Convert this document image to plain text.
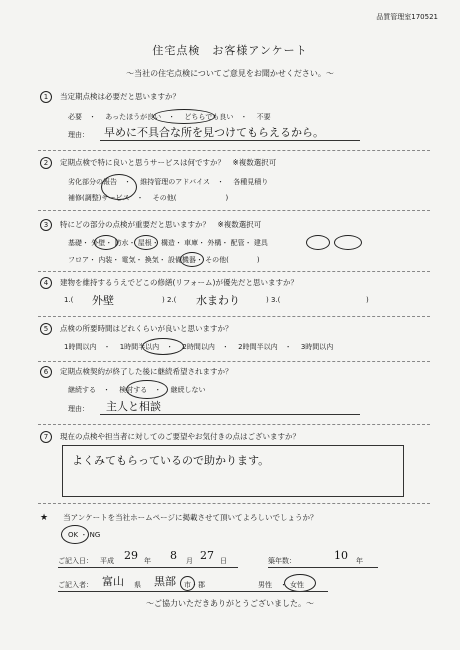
品質管理室170521
住宅点検　お客様アンケート
～当社の住宅点検についてご意見をお聞かせください。～
1 当定期点検は必要だと思いますか？
必要　・　 あったほうが良い　・　 どちらでも良い　・　 不要
理由： 早めに不具合な所を見つけてもらえるから。
2 定期点検で特に良いと思うサービスは何ですか？　※複数選択可
劣化部分の報告　・　 維持管理のアドバイス　・　 各種見積り
補修(調整)サービス　・　 その他(　　　　　　　	)
3 特にどの部分の点検が重要だと思いますか？　※複数選択可
基礎・ 外壁・ 防水・ 屋根・ 構造・ 車庫・ 外構・ 配管・ 建具
フロア・ 内装・ 電気・ 換気・ 設備機器・ その他(　　　　	)
4 建物を維持するうえでどこの修繕(リフォーム)が優先だと思いますか？
1.( 外壁	) 2.( 水まわり	) 3.(	)
5 点検の所要時間はどれくらいが良いと思いますか？
1時間以内　・　 1時間半以内　・　 2時間以内　・　 2時間半以内　・　 3時間以内
6 定期点検契約が終了した後に継続希望されますか？
継続する　・　 検討する　・　 継続しない
理由： 主人と相談
7 現在の点検や担当者に対してのご要望やお気付きの点はございますか？
よくみてもらっているので助かります。
★　　 当アンケートを当社ホームページに掲載させて頂いてよろしいでしょうか？
OK ・ NG
ご記入日： 平成 29 年 8 月 27 日	築年数：	10 年
ご記入者： 富山 県 黒部 市・郡	男性 ・ 女性
～ご協力いただきありがとうございました。～
